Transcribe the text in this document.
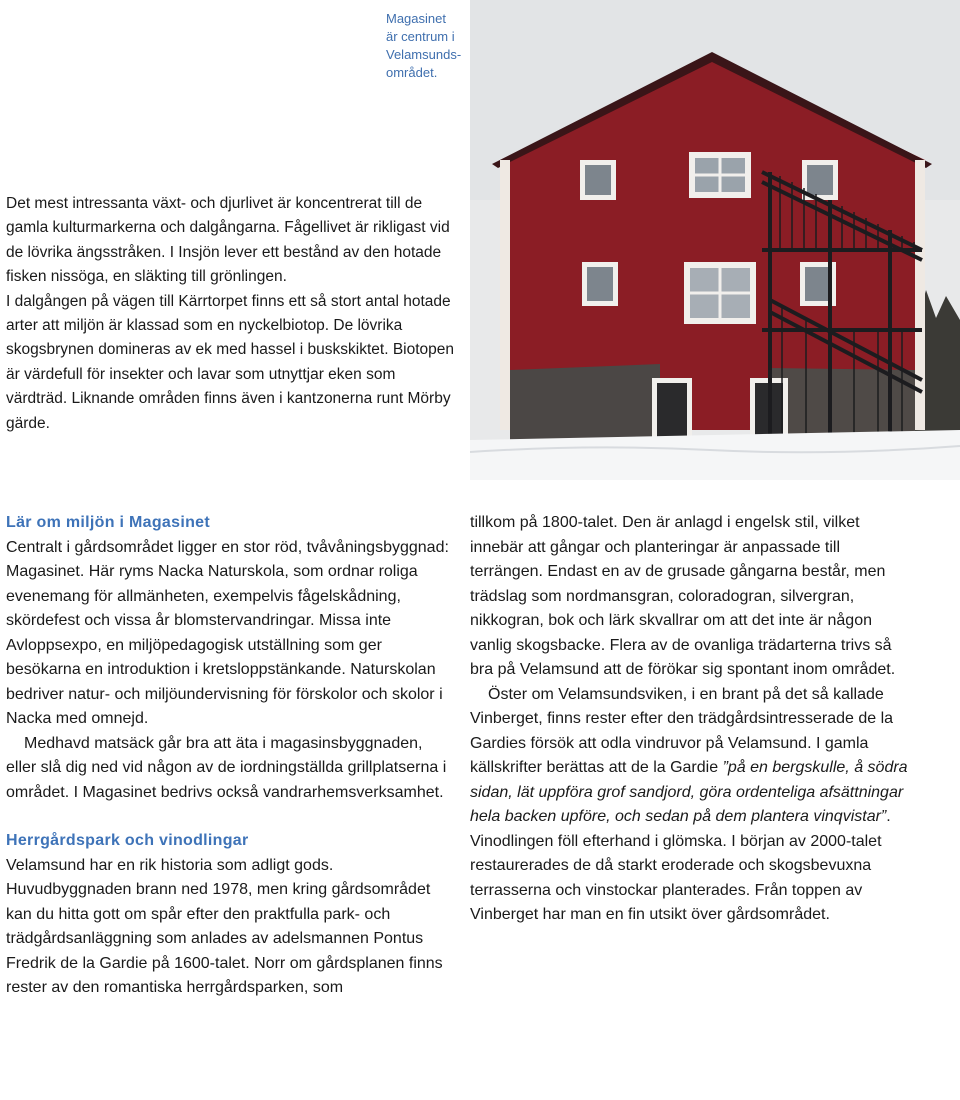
Magasinet
är centrum i
Velamsunds-
området.

Det mest intressanta växt- och djurlivet är koncentrerat till de gamla kulturmarkerna och dalgångarna. Fågellivet är rikligast vid de lövrika ängsstråken. I Insjön lever ett bestånd av den hotade fisken nissöga, en släkting till grönlingen.

I dalgången på vägen till Kärrtorpet finns ett så stort antal hotade arter att miljön är klassad som en nyckelbiotop. De lövrika skogsbrynen domineras av ek med hassel i buskskiktet. Biotopen är värdefull för insekter och lavar som utnyttjar eken som värdträd. Liknande områden finns även i kantzonerna runt Mörby gärde.

Lär om miljön i Magasinet

Centralt i gårdsområdet ligger en stor röd, tvåvåningsbyggnad: Magasinet. Här ryms Nacka Naturskola, som ordnar roliga evenemang för allmänheten, exempelvis fågelskådning, skördefest och vissa år blomstervandringar. Missa inte Avloppsexpo, en miljöpedagogisk utställning som ger besökarna en introduktion i kretsloppstänkande. Naturskolan bedriver natur- och miljöundervisning för förskolor och skolor i Nacka med omnejd.

Medhavd matsäck går bra att äta i magasinsbyggnaden, eller slå dig ned vid någon av de iordningställda grillplatserna i området. I Magasinet bedrivs också vandrarhemsverksamhet.

Herrgårdspark och vinodlingar

Velamsund har en rik historia som adligt gods. Huvudbyggnaden brann ned 1978, men kring gårdsområdet kan du hitta gott om spår efter den praktfulla park- och trädgårdsanläggning som anlades av adelsmannen Pontus Fredrik de la Gardie på 1600-talet. Norr om gårdsplanen finns rester av den romantiska herrgårdsparken, som

tillkom på 1800-talet. Den är anlagd i engelsk stil, vilket innebär att gångar och planteringar är anpassade till terrängen. Endast en av de grusade gångarna består, men trädslag som nordmansgran, coloradogran, silvergran, nikkogran, bok och lärk skvallrar om att det inte är någon vanlig skogsbacke. Flera av de ovanliga trädarterna trivs så bra på Velamsund att de förökar sig spontant inom området.

Öster om Velamsundsviken, i en brant på det så kallade Vinberget, finns rester efter den trädgårdsintresserade de la Gardies försök att odla vindruvor på Velamsund. I gamla källskrifter berättas att de la Gardie ”på en bergskulle, å södra sidan, lät uppföra grof sandjord, göra ordenteliga afsättningar hela backen upföre, och sedan på dem plantera vinqvistar”. Vinodlingen föll efterhand i glömska. I början av 2000-talet restaurerades de då starkt eroderade och skogsbevuxna terrasserna och vinstockar planterades. Från toppen av Vinberget har man en fin utsikt över gårdsområdet.
